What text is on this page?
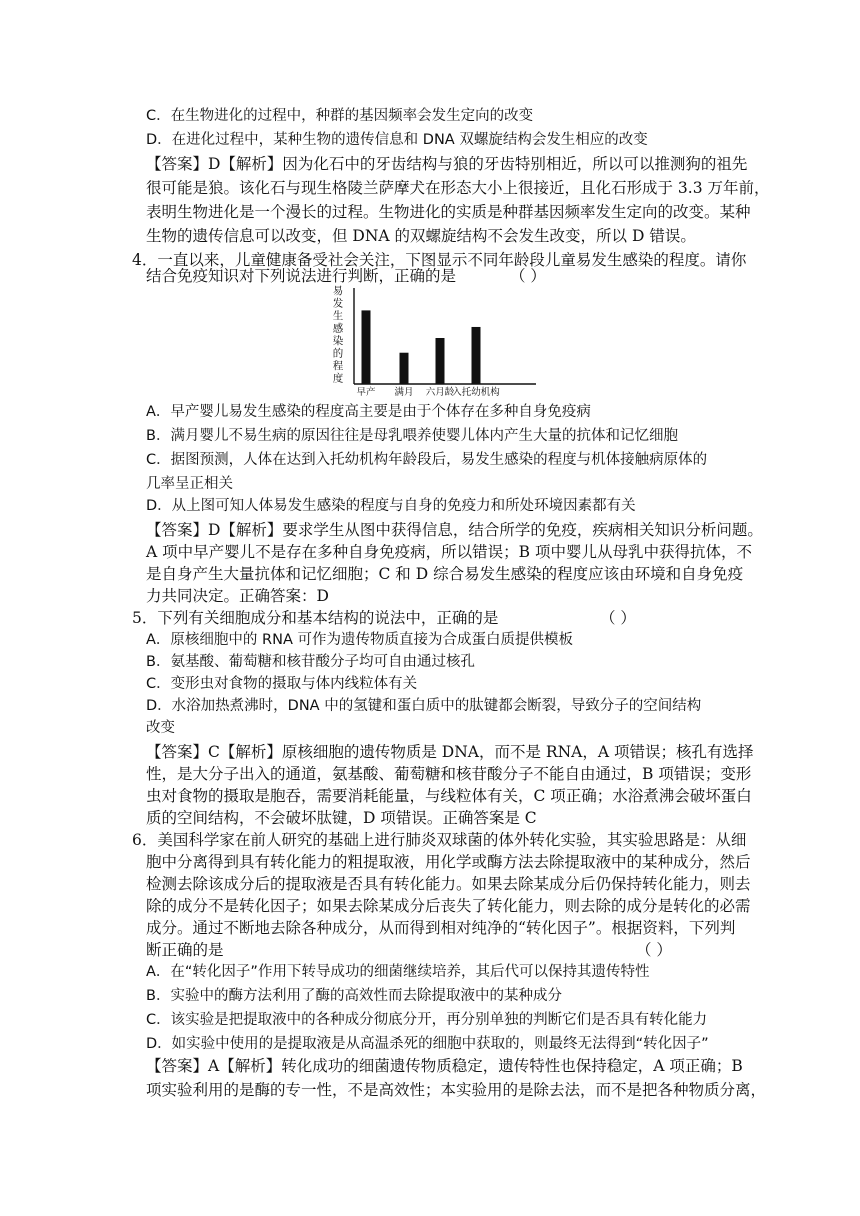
C．在生物进化的过程中，种群的基因频率会发生定向的改变
D．在进化过程中，某种生物的遗传信息和 DNA 双螺旋结构会发生相应的改变
【答案】D【解析】因为化石中的牙齿结构与狼的牙齿特别相近，所以可以推测狗的祖先
很可能是狼。该化石与现生格陵兰萨摩犬在形态大小上很接近，且化石形成于 3.3 万年前，
表明生物进化是一个漫长的过程。生物进化的实质是种群基因频率发生定向的改变。某种
生物的遗传信息可以改变，但 DNA 的双螺旋结构不会发生改变，所以 D 错误。
4．一直以来，儿童健康备受社会关注，下图显示不同年龄段儿童易发生感染的程度。请你
结合免疫知识对下列说法进行判断，正确的是	（ ）
易
发
生
感
染
的
程
度
早产 满月 六月龄
入托幼机构
A．早产婴儿易发生感染的程度高主要是由于个体存在多种自身免疫病
B．满月婴儿不易生病的原因往往是母乳喂养使婴儿体内产生大量的抗体和记忆细胞
C．据图预测，人体在达到入托幼机构年龄段后，易发生感染的程度与机体接触病原体的
几率呈正相关
D．从上图可知人体易发生感染的程度与自身的免疫力和所处环境因素都有关
【答案】D【解析】要求学生从图中获得信息，结合所学的免疫，疾病相关知识分析问题。
A 项中早产婴儿不是存在多种自身免疫病，所以错误；B 项中婴儿从母乳中获得抗体，不
是自身产生大量抗体和记忆细胞；C 和 D 综合易发生感染的程度应该由环境和自身免疫
力共同决定。正确答案：D
5．下列有关细胞成分和基本结构的说法中，正确的是	（ ）
A．原核细胞中的 RNA 可作为遗传物质直接为合成蛋白质提供模板
B．氨基酸、葡萄糖和核苷酸分子均可自由通过核孔
C．变形虫对食物的摄取与体内线粒体有关
D．水浴加热煮沸时，DNA 中的氢键和蛋白质中的肽键都会断裂，导致分子的空间结构
改变
【答案】C【解析】原核细胞的遗传物质是 DNA，而不是 RNA，A 项错误；核孔有选择
性，是大分子出入的通道，氨基酸、葡萄糖和核苷酸分子不能自由通过，B 项错误；变形
虫对食物的摄取是胞吞，需要消耗能量，与线粒体有关，C 项正确；水浴煮沸会破坏蛋白
质的空间结构，不会破坏肽键，D 项错误。正确答案是 C
6．美国科学家在前人研究的基础上进行肺炎双球菌的体外转化实验，其实验思路是：从细
胞中分离得到具有转化能力的粗提取液，用化学或酶方法去除提取液中的某种成分，然后
检测去除该成分后的提取液是否具有转化能力。如果去除某成分后仍保持转化能力，则去
除的成分不是转化因子；如果去除某成分后丧失了转化能力，则去除的成分是转化的必需
成分。通过不断地去除各种成分，从而得到相对纯净的“转化因子”。根据资料，下列判
断正确的是	（ ）
A．在“转化因子”作用下转导成功的细菌继续培养，其后代可以保持其遗传特性
B．实验中的酶方法利用了酶的高效性而去除提取液中的某种成分
C．该实验是把提取液中的各种成分彻底分开，再分别单独的判断它们是否具有转化能力
D．如实验中使用的是提取液是从高温杀死的细胞中获取的，则最终无法得到“转化因子”
【答案】A【解析】转化成功的细菌遗传物质稳定，遗传特性也保持稳定，A 项正确；B
项实验利用的是酶的专一性，不是高效性；本实验用的是除去法，而不是把各种物质分离，
